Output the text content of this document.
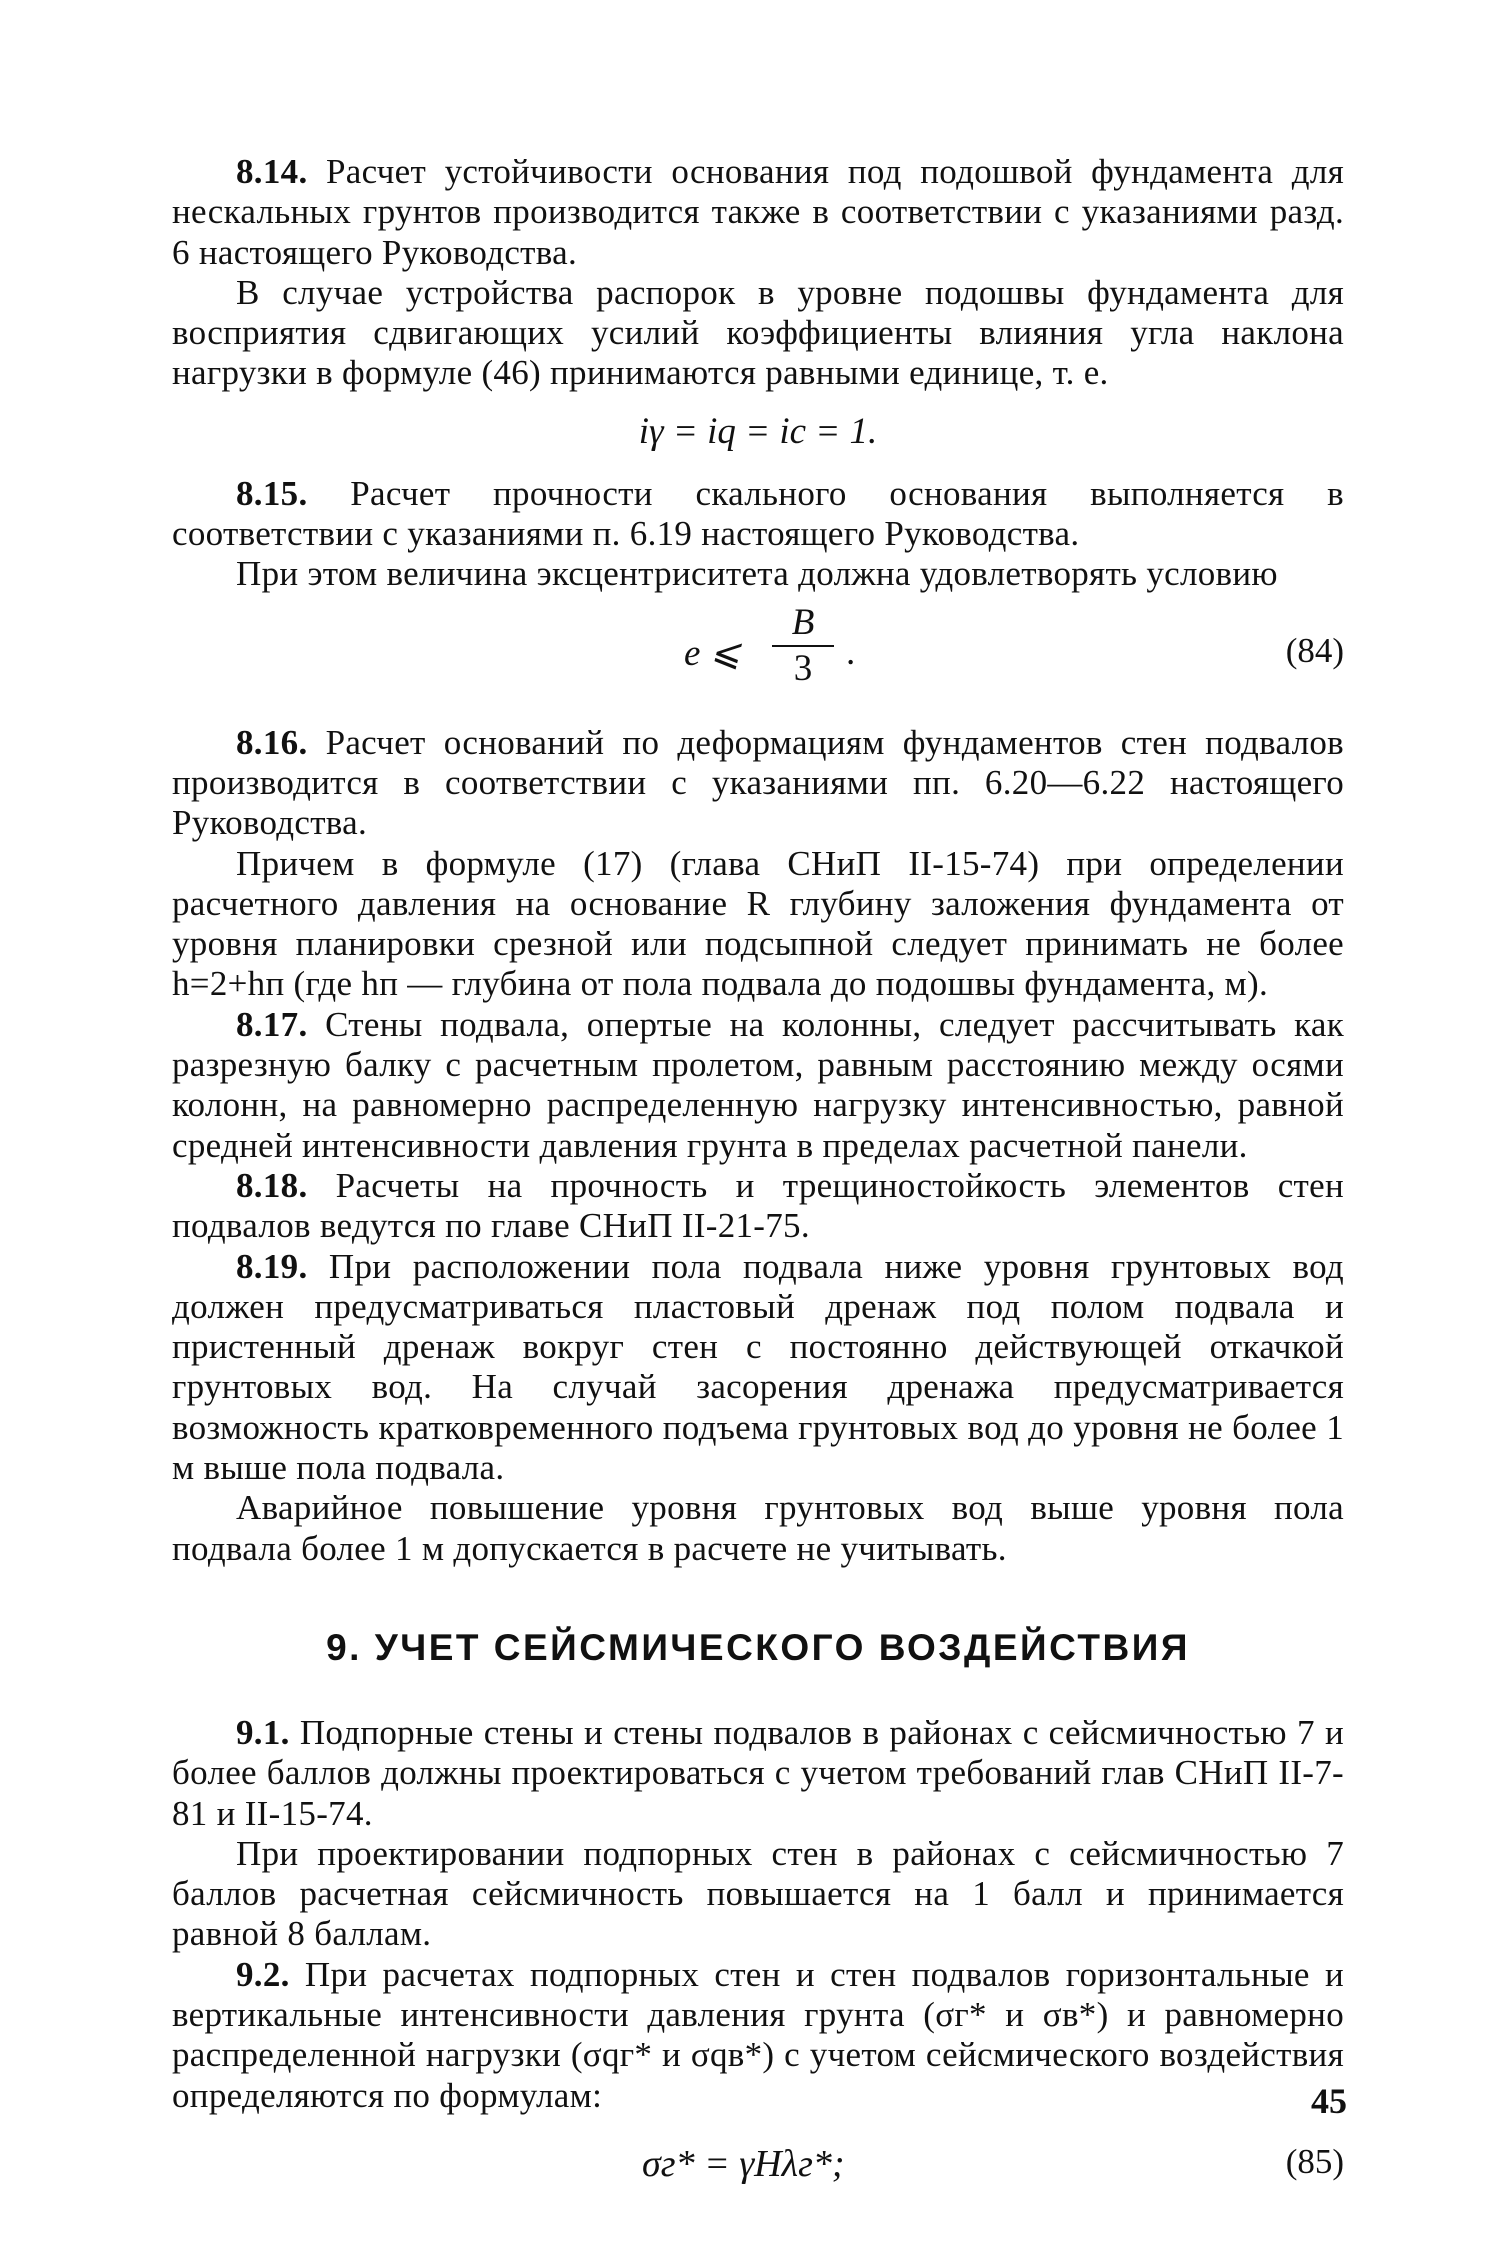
8.14. Расчет устойчивости основания под подошвой фундамента для нескальных грунтов производится также в соответствии с указаниями разд. 6 настоящего Руководства.

В случае устройства распорок в уровне подошвы фундамента для восприятия сдвигающих усилий коэффициенты влияния угла наклона нагрузки в формуле (46) принимаются равными единице, т. е.

iγ = iq = ic = 1.

8.15. Расчет прочности скального основания выполняется в соответствии с указаниями п. 6.19 настоящего Руководства.

При этом величина эксцентриситета должна удовлетворять условию

e ⩽
B
3 .	(84)

8.16. Расчет оснований по деформациям фундаментов стен подвалов производится в соответствии с указаниями пп. 6.20—6.22 настоящего Руководства.

Причем в формуле (17) (глава СНиП II-15-74) при определении расчетного давления на основание R глубину заложения фундамента от уровня планировки срезной или подсыпной следует принимать не более h=2+hп (где hп — глубина от пола подвала до подошвы фундамента, м).

8.17. Стены подвала, опертые на колонны, следует рассчитывать как разрезную балку с расчетным пролетом, равным расстоянию между осями колонн, на равномерно распределенную нагрузку интенсивностью, равной средней интенсивности давления грунта в пределах расчетной панели.

8.18. Расчеты на прочность и трещиностойкость элементов стен подвалов ведутся по главе СНиП II-21-75.

8.19. При расположении пола подвала ниже уровня грунтовых вод должен предусматриваться пластовый дренаж под полом подвала и пристенный дренаж вокруг стен с постоянно действующей откачкой грунтовых вод. На случай засорения дренажа предусматривается возможность кратковременного подъема грунтовых вод до уровня не более 1 м выше пола подвала.

Аварийное повышение уровня грунтовых вод выше уровня пола подвала более 1 м допускается в расчете не учитывать.

9. УЧЕТ СЕЙСМИЧЕСКОГО ВОЗДЕЙСТВИЯ

9.1. Подпорные стены и стены подвалов в районах с сейсмичностью 7 и более баллов должны проектироваться с учетом требований глав СНиП II-7-81 и II-15-74.

При проектировании подпорных стен в районах с сейсмичностью 7 баллов расчетная сейсмичность повышается на 1 балл и принимается равной 8 баллам.

9.2. При расчетах подпорных стен и стен подвалов горизонтальные и вертикальные интенсивности давления грунта (σг* и σв*) и равномерно распределенной нагрузки (σqг* и σqв*) с учетом сейсмического воздействия определяются по формулам:

σг* = γHλг*;	(85)
45
